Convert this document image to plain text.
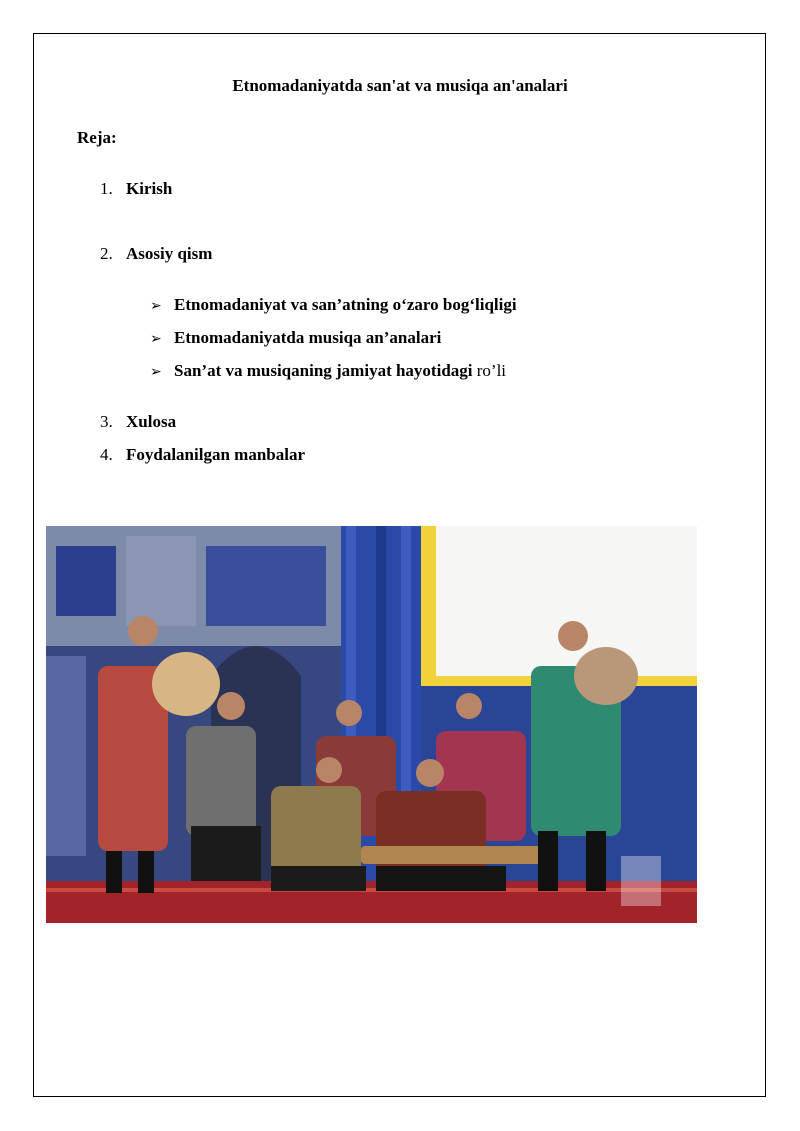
Etnomadaniyatda san'at va musiqa an'analari
Reja:
1. Kirish
2. Asosiy qism
➢ Etnomadaniyat va san’atning o‘zaro bog‘liqligi
➢ Etnomadaniyatda musiqa an’analari
➢ San’at va musiqaning jamiyat hayotidagi ro’li
3. Xulosa
4. Foydalanilgan manbalar
